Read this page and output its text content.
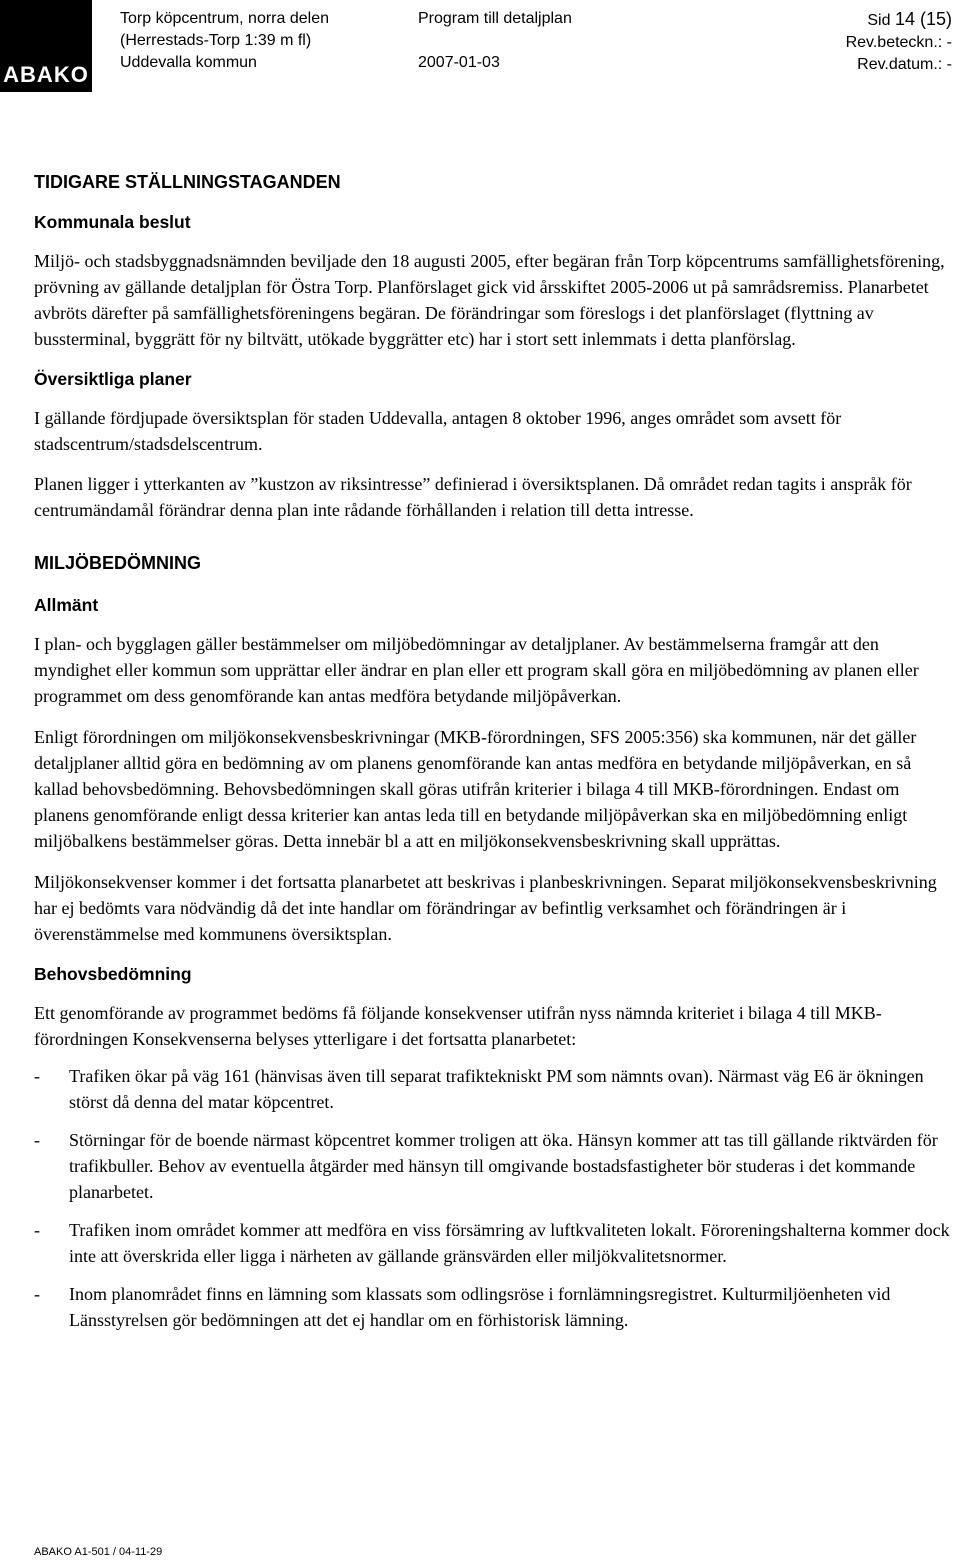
ABAKO
Torp köpcentrum, norra delen
(Herrestads-Torp 1:39 m fl)
Uddevalla kommun
Program till detaljplan

2007-01-03
Sid 14 (15)
Rev.beteckn.: -
Rev.datum.: -
TIDIGARE STÄLLNINGSTAGANDEN
Kommunala beslut

Miljö- och stadsbyggnadsnämnden beviljade den 18 augusti 2005, efter begäran från Torp köpcentrums samfällighetsförening, prövning av gällande detaljplan för Östra Torp. Planförslaget gick vid årsskiftet 2005-2006 ut på samrådsremiss. Planarbetet avbröts därefter på samfällighetsföreningens begäran. De förändringar som föreslogs i det planförslaget (flyttning av bussterminal, byggrätt för ny biltvätt, utökade byggrätter etc) har i stort sett inlemmats i detta planförslag.

Översiktliga planer

I gällande fördjupade översiktsplan för staden Uddevalla, antagen 8 oktober 1996, anges området som avsett för stadscentrum/stadsdelscentrum.

Planen ligger i ytterkanten av ”kustzon av riksintresse” definierad i översiktsplanen. Då området redan tagits i anspråk för centrumändamål förändrar denna plan inte rådande förhållanden i relation till detta intresse.

MILJÖBEDÖMNING
Allmänt

I plan- och bygglagen gäller bestämmelser om miljöbedömningar av detaljplaner. Av bestämmelserna framgår att den myndighet eller kommun som upprättar eller ändrar en plan eller ett program skall göra en miljöbedömning av planen eller programmet om dess genomförande kan antas medföra betydande miljöpåverkan.

Enligt förordningen om miljökonsekvensbeskrivningar (MKB-förordningen, SFS 2005:356) ska kommunen, när det gäller detaljplaner alltid göra en bedömning av om planens genomförande kan antas medföra en betydande miljöpåverkan, en så kallad behovsbedömning. Behovsbedömningen skall göras utifrån kriterier i bilaga 4 till MKB-förordningen. Endast om planens genomförande enligt dessa kriterier kan antas leda till en betydande miljöpåverkan ska en miljöbedömning enligt miljöbalkens bestämmelser göras. Detta innebär bl a att en miljökonsekvensbeskrivning skall upprättas.

Miljökonsekvenser kommer i det fortsatta planarbetet att beskrivas i planbeskrivningen. Separat miljökonsekvensbeskrivning har ej bedömts vara nödvändig då det inte handlar om förändringar av befintlig verksamhet och förändringen är i överenstämmelse med kommunens översiktsplan.

Behovsbedömning

Ett genomförande av programmet bedöms få följande konsekvenser utifrån nyss nämnda kriteriet i bilaga 4 till MKB-förordningen Konsekvenserna belyses ytterligare i det fortsatta planarbetet:

- Trafiken ökar på väg 161 (hänvisas även till separat trafiktekniskt PM som nämnts ovan). Närmast väg E6 är ökningen störst då denna del matar köpcentret.
- Störningar för de boende närmast köpcentret kommer troligen att öka. Hänsyn kommer att tas till gällande riktvärden för trafikbuller. Behov av eventuella åtgärder med hänsyn till omgivande bostadsfastigheter bör studeras i det kommande planarbetet.
- Trafiken inom området kommer att medföra en viss försämring av luftkvaliteten lokalt. Föroreningshalterna kommer dock inte att överskrida eller ligga i närheten av gällande gränsvärden eller miljökvalitetsnormer.
- Inom planområdet finns en lämning som klassats som odlingsröse i fornlämningsregistret. Kulturmiljöenheten vid Länsstyrelsen gör bedömningen att det ej handlar om en förhistorisk lämning.
ABAKO A1-501 / 04-11-29
